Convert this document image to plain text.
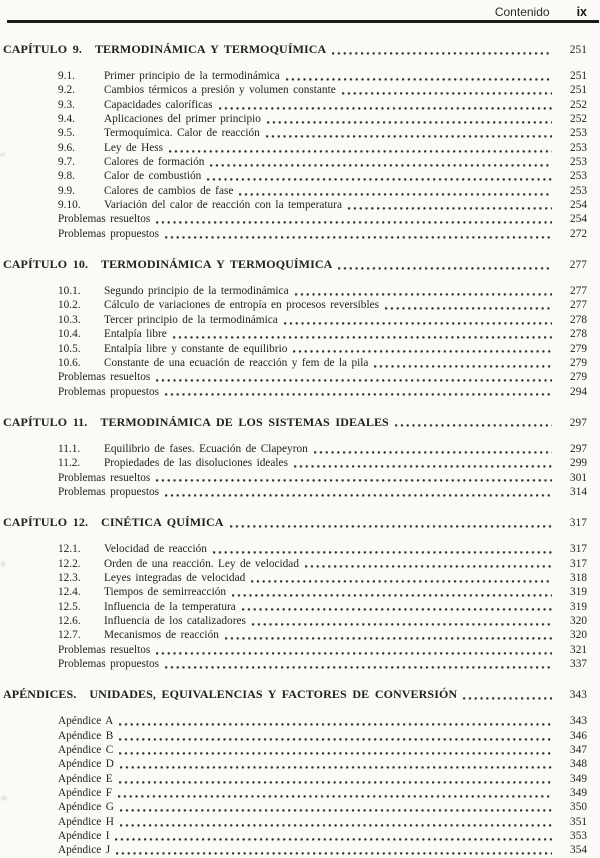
Contenido ix
CAPÍTULO 9. TERMODINÁMICA Y TERMOQUÍMICA	251
9.1.	Primer principio de la termodinámica	251
9.2.	Cambios térmicos a presión y volumen constante	251
9.3.	Capacidades caloríficas	252
9.4.	Aplicaciones del primer principio	252
9.5.	Termoquímica. Calor de reacción	253
9.6.	Ley de Hess	253
9.7.	Calores de formación	253
9.8.	Calor de combustión	253
9.9.	Calores de cambios de fase	253
9.10.	Variación del calor de reacción con la temperatura	254
Problemas resueltos	254
Problemas propuestos	272
CAPÍTULO 10. TERMODINÁMICA Y TERMOQUÍMICA	277
10.1.	Segundo principio de la termodinámica	277
10.2.	Cálculo de variaciones de entropía en procesos reversibles	277
10.3.	Tercer principio de la termodinámica	278
10.4.	Entalpía libre	278
10.5.	Entalpía libre y constante de equilibrio	279
10.6.	Constante de una ecuación de reacción y fem de la pila	279
Problemas resueltos	279
Problemas propuestos	294
CAPÍTULO 11. TERMODINÁMICA DE LOS SISTEMAS IDEALES	297
11.1.	Equilibrio de fases. Ecuación de Clapeyron	297
11.2.	Propiedades de las disoluciones ideales	299
Problemas resueltos	301
Problemas propuestos	314
CAPÍTULO 12. CINÉTICA QUÍMICA	317
12.1.	Velocidad de reacción	317
12.2.	Orden de una reacción. Ley de velocidad	317
12.3.	Leyes integradas de velocidad	318
12.4.	Tiempos de semirreacción	319
12.5.	Influencia de la temperatura	319
12.6.	Influencia de los catalizadores	320
12.7.	Mecanismos de reacción	320
Problemas resueltos	321
Problemas propuestos	337
APÉNDICES. UNIDADES, EQUIVALENCIAS Y FACTORES DE CONVERSIÓN	343
Apéndice A	343
Apéndice B	346
Apéndice C	347
Apéndice D	348
Apéndice E	349
Apéndice F	349
Apéndice G	350
Apéndice H	351
Apéndice I	353
Apéndice J	354
